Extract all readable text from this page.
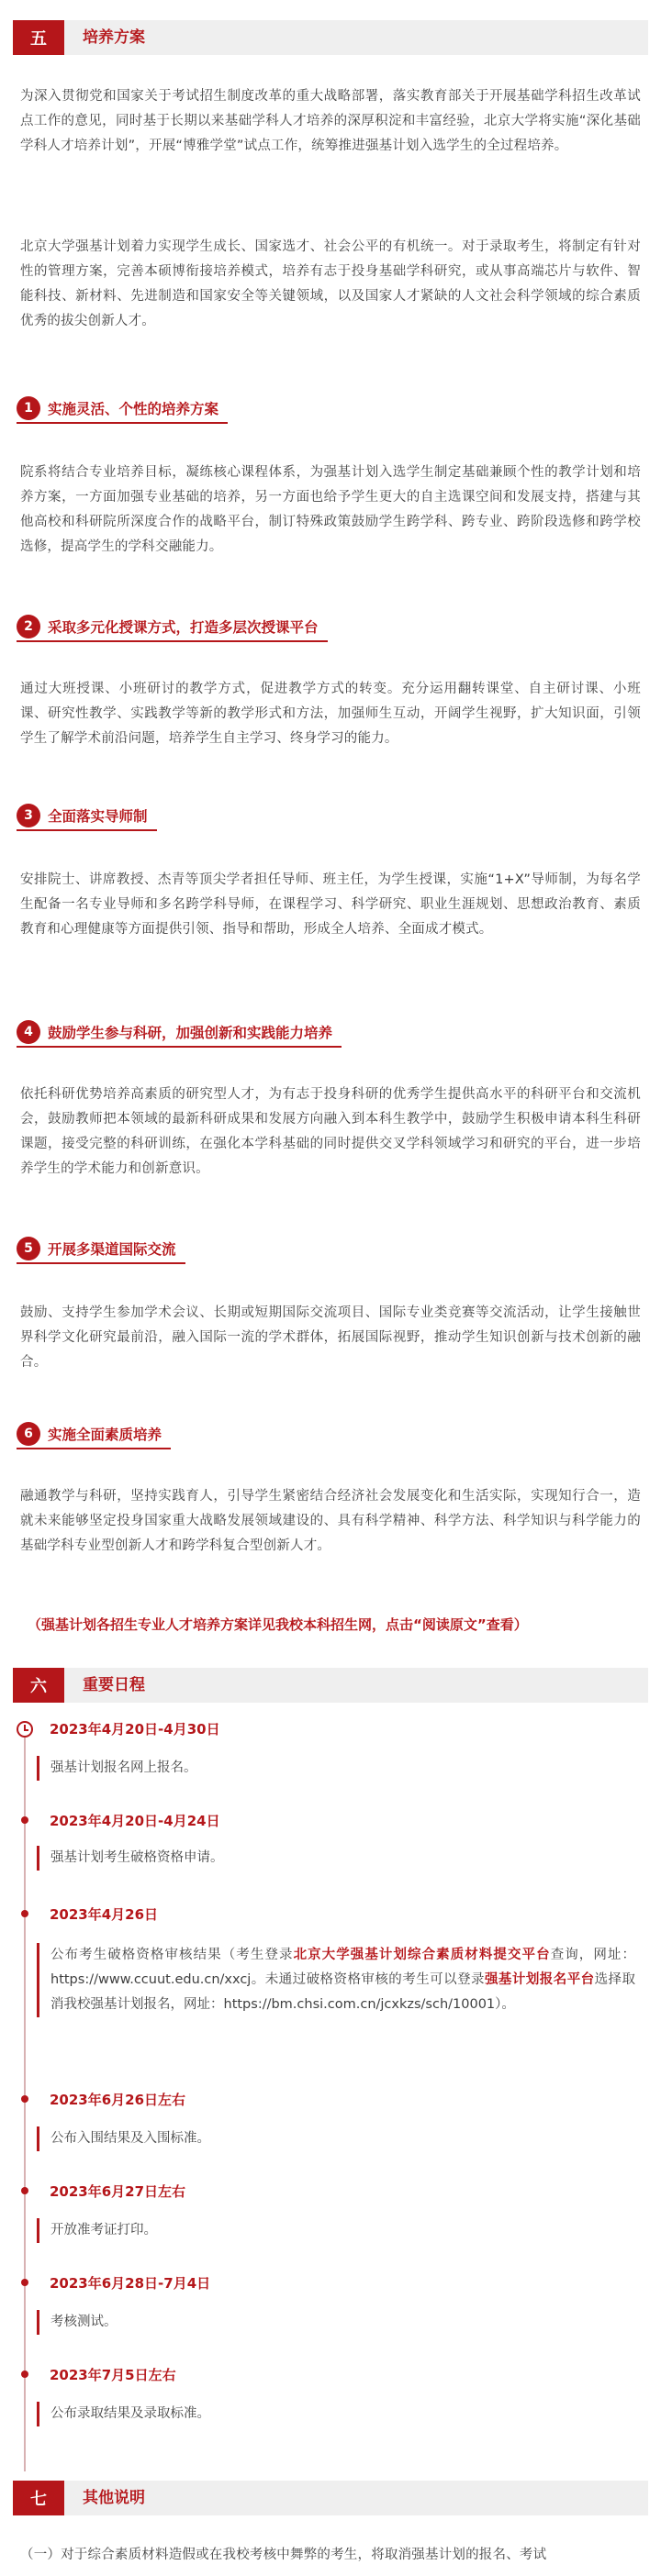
五	培养方案
为深入贯彻党和国家关于考试招生制度改革的重大战略部署，落实教育部关于开展基础学科招生改革试点工作的意见，同时基于长期以来基础学科人才培养的深厚积淀和丰富经验，北京大学将实施“深化基础学科人才培养计划”，开展“博雅学堂”试点工作，统筹推进强基计划入选学生的全过程培养。
北京大学强基计划着力实现学生成长、国家选才、社会公平的有机统一。对于录取考生，将制定有针对性的管理方案，完善本硕博衔接培养模式，培养有志于投身基础学科研究，或从事高端芯片与软件、智能科技、新材料、先进制造和国家安全等关键领域，以及国家人才紧缺的人文社会科学领域的综合素质优秀的拔尖创新人才。
1	实施灵活、个性的培养方案
院系将结合专业培养目标，凝练核心课程体系，为强基计划入选学生制定基础兼顾个性的教学计划和培养方案，一方面加强专业基础的培养，另一方面也给予学生更大的自主选课空间和发展支持，搭建与其他高校和科研院所深度合作的战略平台，制订特殊政策鼓励学生跨学科、跨专业、跨阶段选修和跨学校选修，提高学生的学科交融能力。
2	采取多元化授课方式，打造多层次授课平台
通过大班授课、小班研讨的教学方式，促进教学方式的转变。充分运用翻转课堂、自主研讨课、小班课、研究性教学、实践教学等新的教学形式和方法，加强师生互动，开阔学生视野，扩大知识面，引领学生了解学术前沿问题，培养学生自主学习、终身学习的能力。
3	全面落实导师制
安排院士、讲席教授、杰青等顶尖学者担任导师、班主任，为学生授课，实施“1+X”导师制，为每名学生配备一名专业导师和多名跨学科导师，在课程学习、科学研究、职业生涯规划、思想政治教育、素质教育和心理健康等方面提供引领、指导和帮助，形成全人培养、全面成才模式。
4	鼓励学生参与科研，加强创新和实践能力培养
依托科研优势培养高素质的研究型人才，为有志于投身科研的优秀学生提供高水平的科研平台和交流机会，鼓励教师把本领域的最新科研成果和发展方向融入到本科生教学中，鼓励学生积极申请本科生科研课题，接受完整的科研训练，在强化本学科基础的同时提供交叉学科领域学习和研究的平台，进一步培养学生的学术能力和创新意识。
5	开展多渠道国际交流
鼓励、支持学生参加学术会议、长期或短期国际交流项目、国际专业类竞赛等交流活动，让学生接触世界科学文化研究最前沿，融入国际一流的学术群体，拓展国际视野，推动学生知识创新与技术创新的融合。
6	实施全面素质培养
融通教学与科研，坚持实践育人，引导学生紧密结合经济社会发展变化和生活实际，实现知行合一，造就未来能够坚定投身国家重大战略发展领域建设的、具有科学精神、科学方法、科学知识与科学能力的基础学科专业型创新人才和跨学科复合型创新人才。
（强基计划各招生专业人才培养方案详见我校本科招生网，点击“阅读原文”查看）
六	重要日程
2023年4月20日-4月30日
强基计划报名网上报名。
2023年4月20日-4月24日
强基计划考生破格资格申请。
2023年4月26日
公布考生破格资格审核结果（考生登录北京大学强基计划综合素质材料提交平台查询，网址：https://www.ccuut.edu.cn/xxcj。未通过破格资格审核的考生可以登录强基计划报名平台选择取消我校强基计划报名，网址：https://bm.chsi.com.cn/jcxkzs/sch/10001）。
2023年6月26日左右
公布入围结果及入围标准。
2023年6月27日左右
开放准考证打印。
2023年6月28日-7月4日
考核测试。
2023年7月5日左右
公布录取结果及录取标准。
七	其他说明
（一）对于综合素质材料造假或在我校考核中舞弊的考生，将取消强基计划的报名、考试
